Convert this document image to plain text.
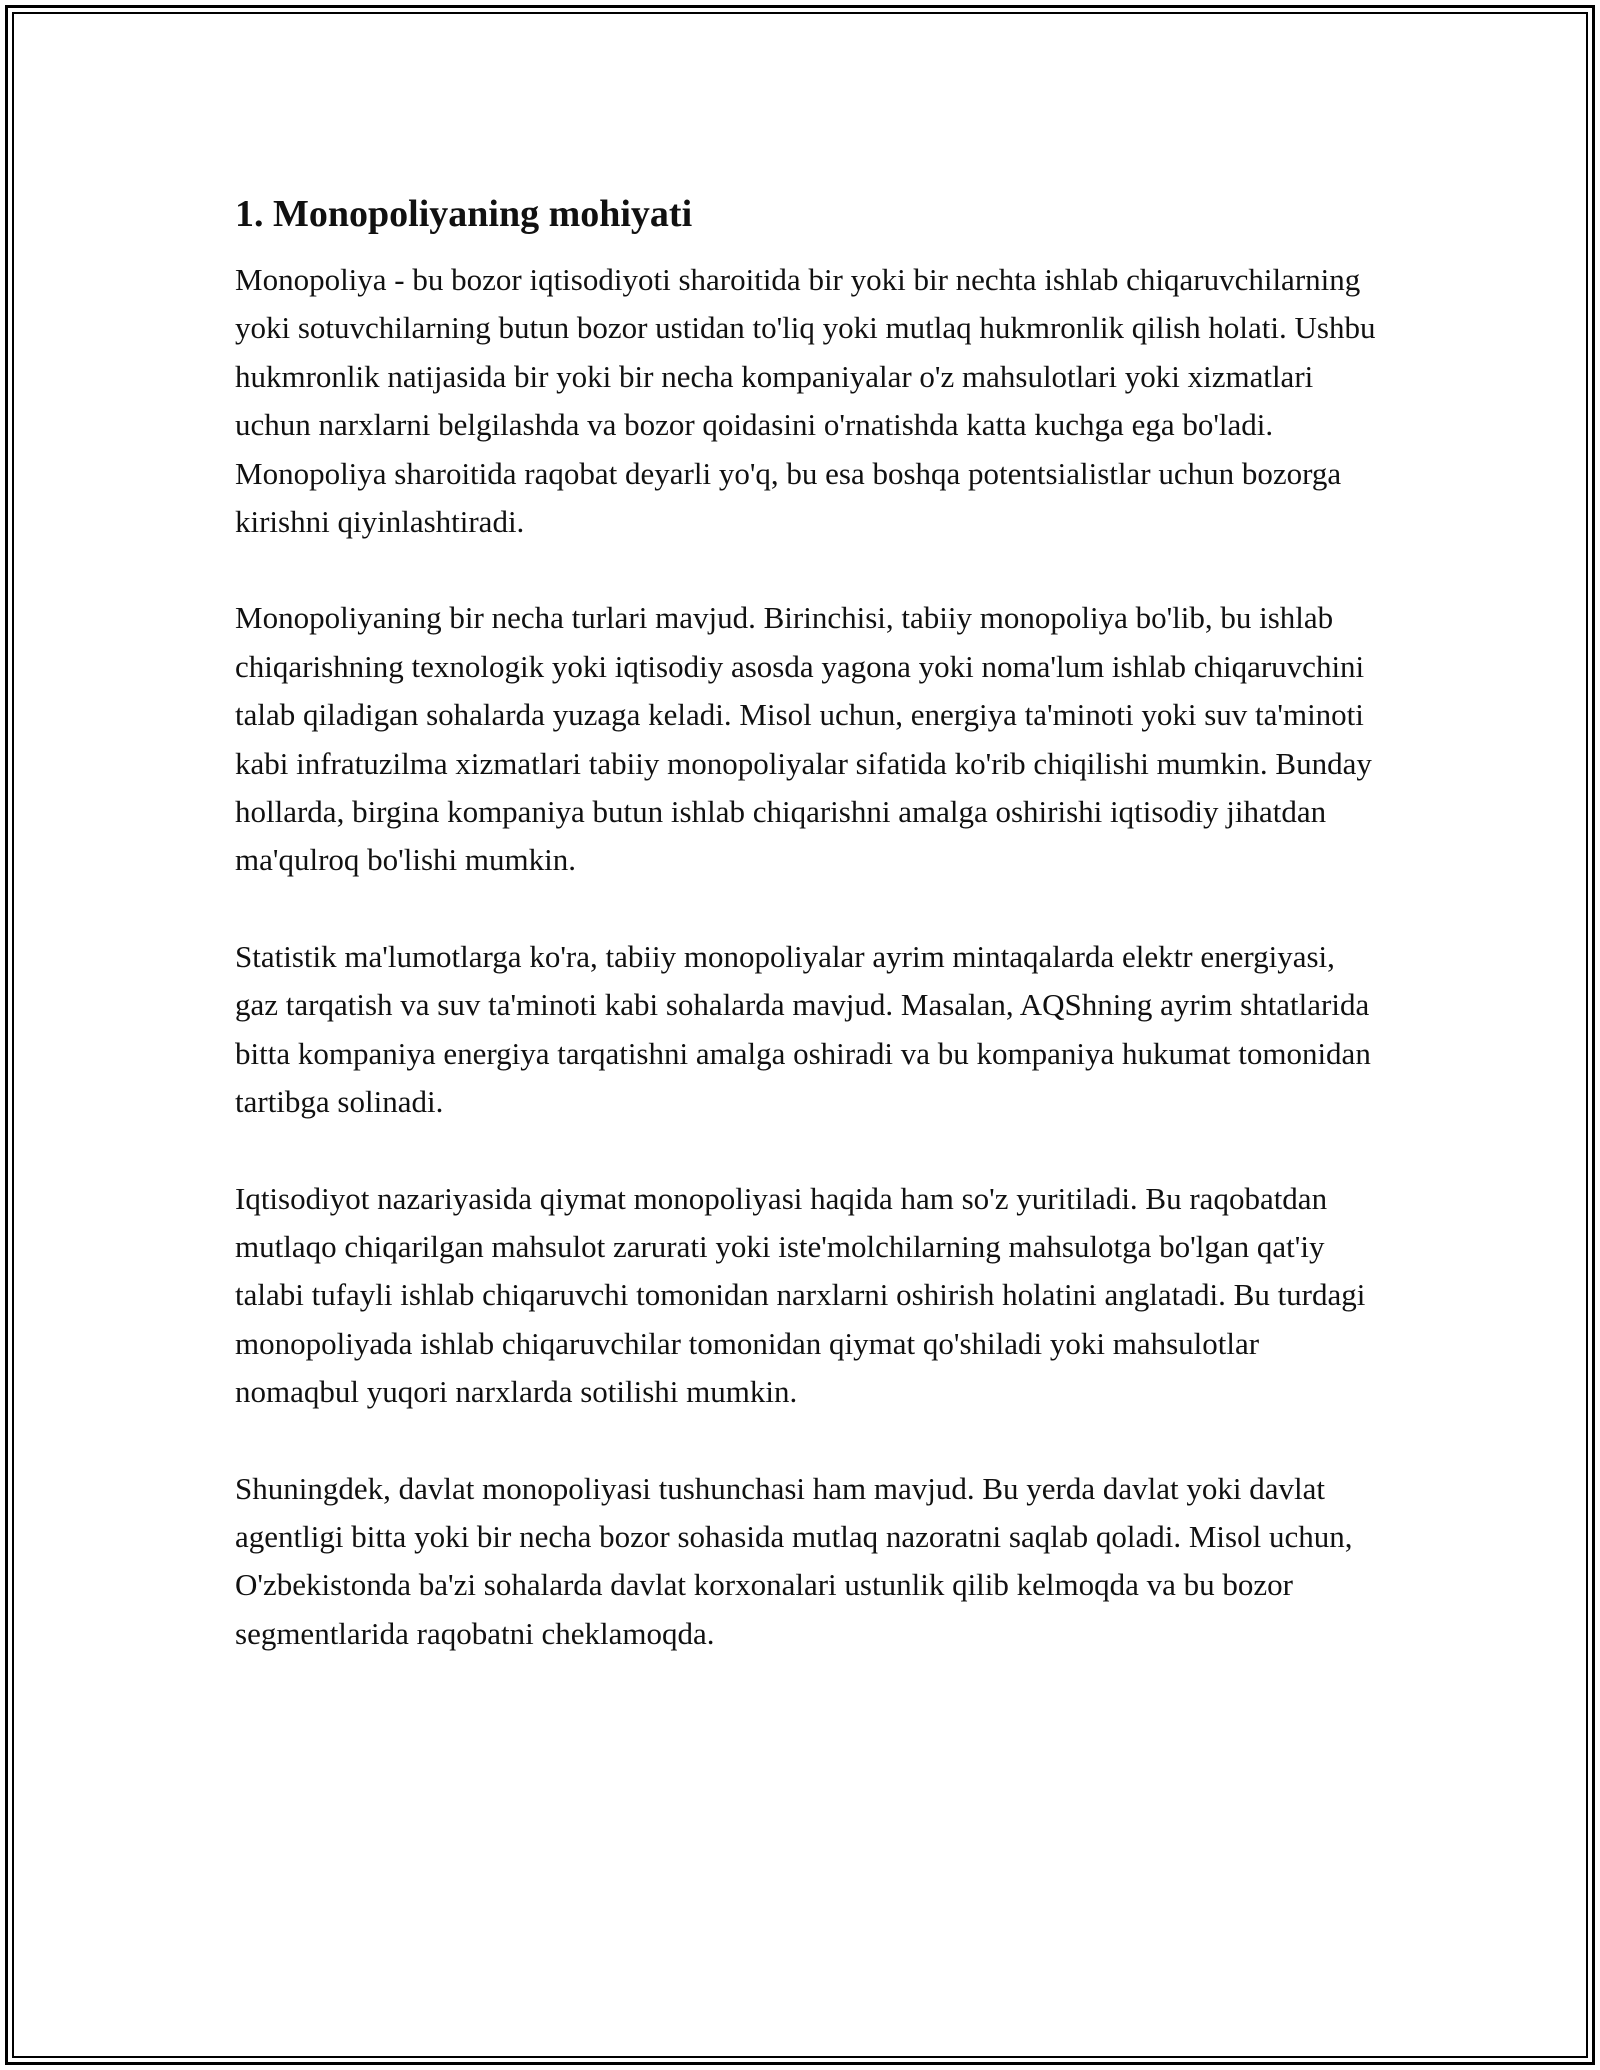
1. Monopoliyaning mohiyati

Monopoliya - bu bozor iqtisodiyoti sharoitida bir yoki bir nechta ishlab chiqaruvchilarning yoki sotuvchilarning butun bozor ustidan to'liq yoki mutlaq hukmronlik qilish holati. Ushbu hukmronlik natijasida bir yoki bir necha kompaniyalar o'z mahsulotlari yoki xizmatlari uchun narxlarni belgilashda va bozor qoidasini o'rnatishda katta kuchga ega bo'ladi. Monopoliya sharoitida raqobat deyarli yo'q, bu esa boshqa potentsialistlar uchun bozorga kirishni qiyinlashtiradi.

Monopoliyaning bir necha turlari mavjud. Birinchisi, tabiiy monopoliya bo'lib, bu ishlab chiqarishning texnologik yoki iqtisodiy asosda yagona yoki noma'lum ishlab chiqaruvchini talab qiladigan sohalarda yuzaga keladi. Misol uchun, energiya ta'minoti yoki suv ta'minoti kabi infratuzilma xizmatlari tabiiy monopoliyalar sifatida ko'rib chiqilishi mumkin. Bunday hollarda, birgina kompaniya butun ishlab chiqarishni amalga oshirishi iqtisodiy jihatdan ma'qulroq bo'lishi mumkin.

Statistik ma'lumotlarga ko'ra, tabiiy monopoliyalar ayrim mintaqalarda elektr energiyasi, gaz tarqatish va suv ta'minoti kabi sohalarda mavjud. Masalan, AQShning ayrim shtatlarida bitta kompaniya energiya tarqatishni amalga oshiradi va bu kompaniya hukumat tomonidan tartibga solinadi.

Iqtisodiyot nazariyasida qiymat monopoliyasi haqida ham so'z yuritiladi. Bu raqobatdan mutlaqo chiqarilgan mahsulot zarurati yoki iste'molchilarning mahsulotga bo'lgan qat'iy talabi tufayli ishlab chiqaruvchi tomonidan narxlarni oshirish holatini anglatadi. Bu turdagi monopoliyada ishlab chiqaruvchilar tomonidan qiymat qo'shiladi yoki mahsulotlar nomaqbul yuqori narxlarda sotilishi mumkin.

Shuningdek, davlat monopoliyasi tushunchasi ham mavjud. Bu yerda davlat yoki davlat agentligi bitta yoki bir necha bozor sohasida mutlaq nazoratni saqlab qoladi. Misol uchun, O'zbekistonda ba'zi sohalarda davlat korxonalari ustunlik qilib kelmoqda va bu bozor segmentlarida raqobatni cheklamoqda.
